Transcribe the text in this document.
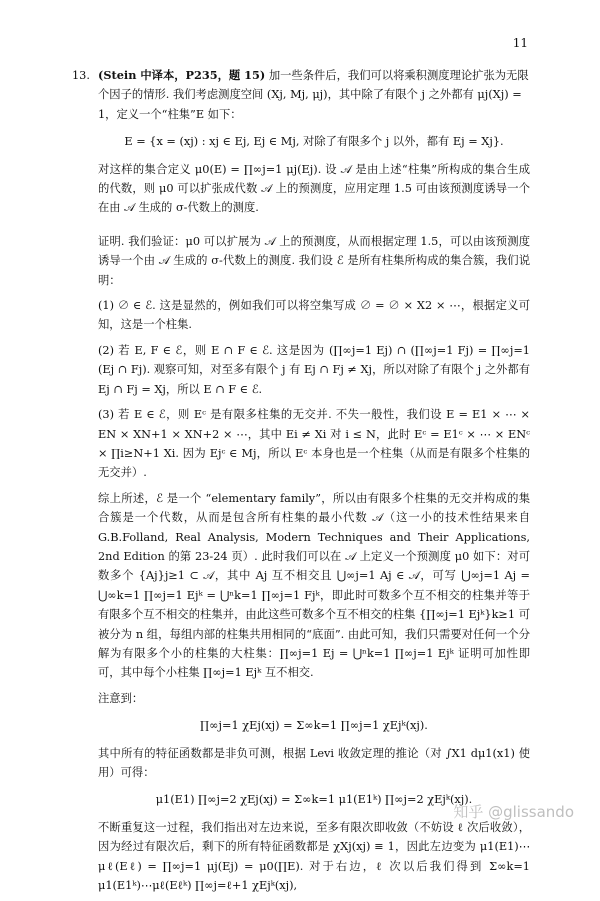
11
13. (Stein 中译本，P235，题 15) 加一些条件后，我们可以将乘积测度理论扩张为无限个因子的情形. 我们考虑测度空间 (Xj, Mj, μj)，其中除了有限个 j 之外都有 μj(Xj) = 1，定义一个“柱集”E 如下：
E = {x = (xj) : xj ∈ Ej, Ej ∈ Mj, 对除了有限多个 j 以外，都有 Ej = Xj}.

对这样的集合定义 μ0(E) = ∏∞j=1 μj(Ej). 设 𝒜 是由上述“柱集”所构成的集合生成的代数，则 μ0 可以扩张成代数 𝒜 上的预测度，应用定理 1.5 可由该预测度诱导一个在由 𝒜 生成的 σ-代数上的测度.

证明. 我们验证：μ0 可以扩展为 𝒜 上的预测度，从而根据定理 1.5，可以由该预测度诱导一个由 𝒜 生成的 σ-代数上的测度. 我们设 ℰ 是所有柱集所构成的集合簇，我们说明：

(1) ∅ ∈ ℰ. 这是显然的，例如我们可以将空集写成 ∅ = ∅ × X2 × ⋯，根据定义可知，这是一个柱集.

(2) 若 E, F ∈ ℰ，则 E ∩ F ∈ ℰ. 这是因为 (∏∞j=1 Ej) ∩ (∏∞j=1 Fj) = ∏∞j=1 (Ej ∩ Fj). 观察可知，对至多有限个 j 有 Ej ∩ Fj ≠ Xj，所以对除了有限个 j 之外都有 Ej ∩ Fj = Xj，所以 E ∩ F ∈ ℰ.

(3) 若 E ∈ ℰ，则 Eᶜ 是有限多柱集的无交并. 不失一般性，我们设 E = E1 × ⋯ × EN × XN+1 × XN+2 × ⋯，其中 Ei ≠ Xi 对 i ≤ N，此时 Eᶜ = E1ᶜ × ⋯ × ENᶜ × ∏i≥N+1 Xi. 因为 Ejᶜ ∈ Mj，所以 Eᶜ 本身也是一个柱集（从而是有限多个柱集的无交并）.

综上所述，ℰ 是一个 “elementary family”，所以由有限多个柱集的无交并构成的集合簇是一个代数，从而是包含所有柱集的最小代数 𝒜（这一小的技术性结果来自 G.B.Folland, Real Analysis, Modern Techniques and Their Applications, 2nd Edition 的第 23-24 页）. 此时我们可以在 𝒜 上定义一个预测度 μ0 如下：对可数多个 {Aj}j≥1 ⊂ 𝒜，其中 Aj 互不相交且 ⋃∞j=1 Aj ∈ 𝒜，可写 ⋃∞j=1 Aj = ⋃∞k=1 ∏∞j=1 Ejᵏ = ⋃ⁿk=1 ∏∞j=1 Fjᵏ，即此时可数多个互不相交的柱集并等于有限多个互不相交的柱集并，由此这些可数多个互不相交的柱集 {∏∞j=1 Ejᵏ}k≥1 可被分为 n 组，每组内部的柱集共用相同的“底面”. 由此可知，我们只需要对任何一个分解为有限多个小的柱集的大柱集：∏∞j=1 Ej = ⋃ⁿk=1 ∏∞j=1 Ejᵏ 证明可加性即可，其中每个小柱集 ∏∞j=1 Ejᵏ 互不相交.

注意到：

∏∞j=1 χEj(xj) = Σ∞k=1 ∏∞j=1 χEjᵏ(xj).

其中所有的特征函数都是非负可测，根据 Levi 收敛定理的推论（对 ∫X1 dμ1(x1) 使用）可得：

μ1(E1) ∏∞j=2 χEj(xj) = Σ∞k=1 μ1(E1ᵏ) ∏∞j=2 χEjᵏ(xj).

不断重复这一过程，我们指出对左边来说，至多有限次即收敛（不妨设 ℓ 次后收敛），因为经过有限次后，剩下的所有特征函数都是 χXj(xj) ≡ 1，因此左边变为 μ1(E1)⋯μℓ(Eℓ) = ∏∞j=1 μj(Ej) = μ0(∏E). 对于右边，ℓ 次以后我们得到 Σ∞k=1 μ1(E1ᵏ)⋯μℓ(Eℓᵏ) ∏∞j=ℓ+1 χEjᵏ(xj),

知乎 @glissando
